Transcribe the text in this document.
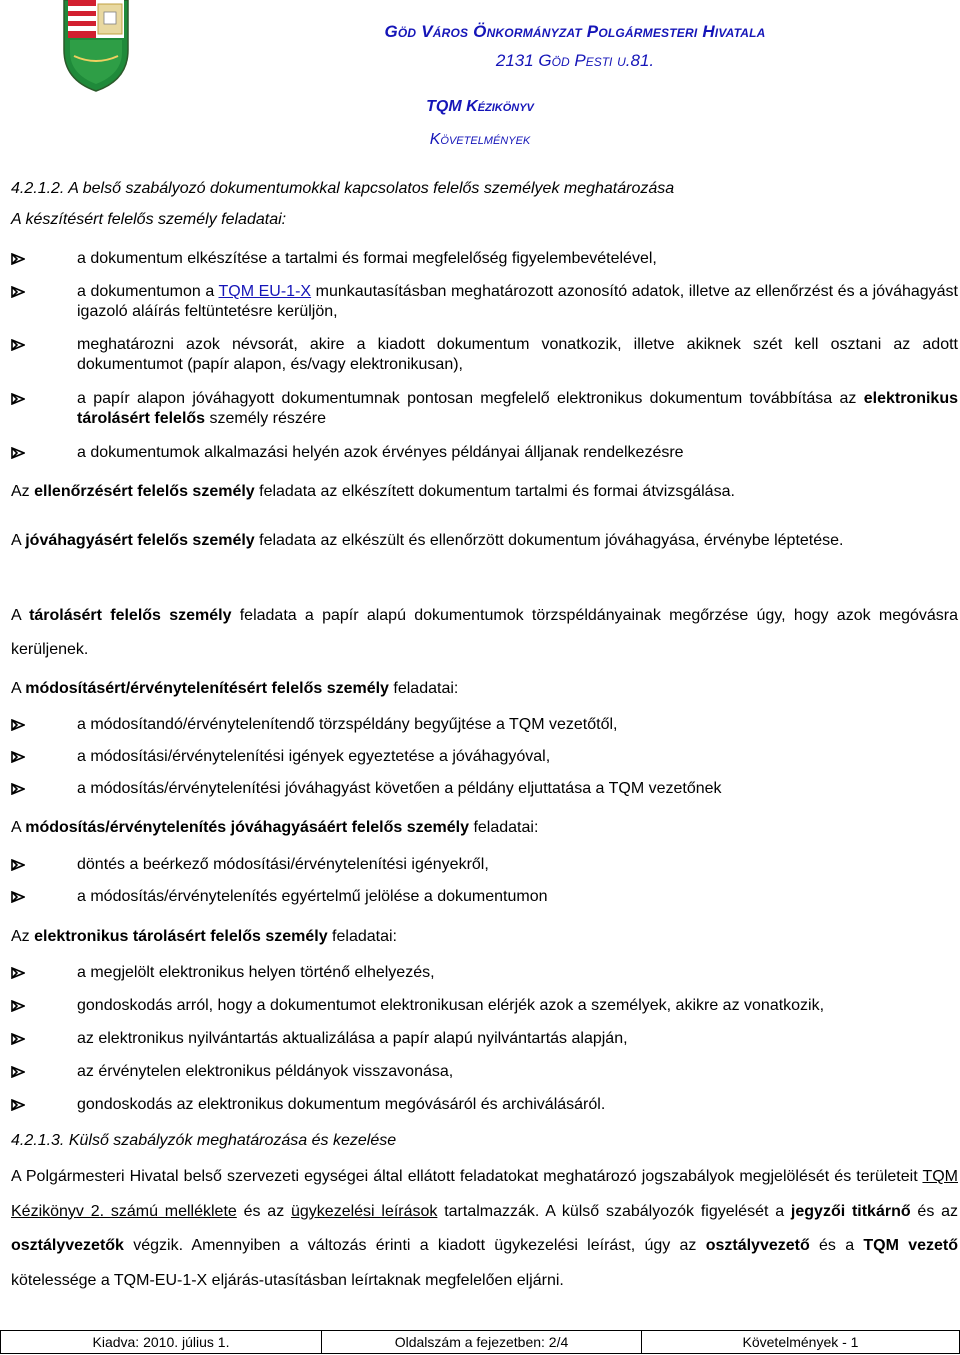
Göd Város Önkormányzat Polgármesteri Hivatala
2131 Göd Pesti u.81.
TQM Kézikönyv
Követelmények
4.2.1.2. A belső szabályozó dokumentumokkal kapcsolatos felelős személyek meghatározása
A készítésért felelős személy feladatai:
a dokumentum elkészítése a tartalmi és formai megfelelőség figyelembevételével,
a dokumentumon a TQM EU-1-X munkautasításban meghatározott azonosító adatok, illetve az ellenőrzést és a jóváhagyást igazoló aláírás feltüntetésre kerüljön,
meghatározni azok névsorát, akire a kiadott dokumentum vonatkozik, illetve akiknek szét kell osztani az adott dokumentumot (papír alapon, és/vagy elektronikusan),
a papír alapon jóváhagyott dokumentumnak pontosan megfelelő elektronikus dokumentum továbbítása az elektronikus tárolásért felelős személy részére
a dokumentumok alkalmazási helyén azok érvényes példányai álljanak rendelkezésre
Az ellenőrzésért felelős személy feladata az elkészített dokumentum tartalmi és formai átvizsgálása.
A jóváhagyásért felelős személy feladata az elkészült és ellenőrzött dokumentum jóváhagyása, érvénybe léptetése.
A tárolásért felelős személy feladata a papír alapú dokumentumok törzspéldányainak megőrzése úgy, hogy azok megóvásra kerüljenek.
A módosításért/érvénytelenítésért felelős személy feladatai:
a módosítandó/érvénytelenítendő törzspéldány begyűjtése a TQM vezetőtől,
a módosítási/érvénytelenítési igények egyeztetése a jóváhagyóval,
a módosítás/érvénytelenítési jóváhagyást követően a példány eljuttatása a TQM vezetőnek
A módosítás/érvénytelenítés jóváhagyásáért felelős személy feladatai:
döntés a beérkező módosítási/érvénytelenítési igényekről,
a módosítás/érvénytelenítés egyértelmű jelölése a dokumentumon
Az elektronikus tárolásért felelős személy feladatai:
a megjelölt elektronikus helyen történő elhelyezés,
gondoskodás arról, hogy a dokumentumot elektronikusan elérjék azok a személyek, akikre az vonatkozik,
az elektronikus nyilvántartás aktualizálása a papír alapú nyilvántartás alapján,
az érvénytelen elektronikus példányok visszavonása,
gondoskodás az elektronikus dokumentum megóvásáról és archiválásáról.
4.2.1.3. Külső szabályzók meghatározása és kezelése
A Polgármesteri Hivatal belső szervezeti egységei által ellátott feladatokat meghatározó jogszabályok megjelölését és területeit TQM Kézikönyv 2. számú melléklete és az ügykezelési leírások tartalmazzák. A külső szabályozók figyelését a jegyzői titkárnő és az osztályvezetők végzik. Amennyiben a változás érinti a kiadott ügykezelési leírást, úgy az osztályvezető és a TQM vezető kötelessége a TQM-EU-1-X eljárás-utasításban leírtaknak megfelelően eljárni.
Kiadva: 2010. július 1.	Oldalszám a fejezetben: 2/4	Követelmények - 1
